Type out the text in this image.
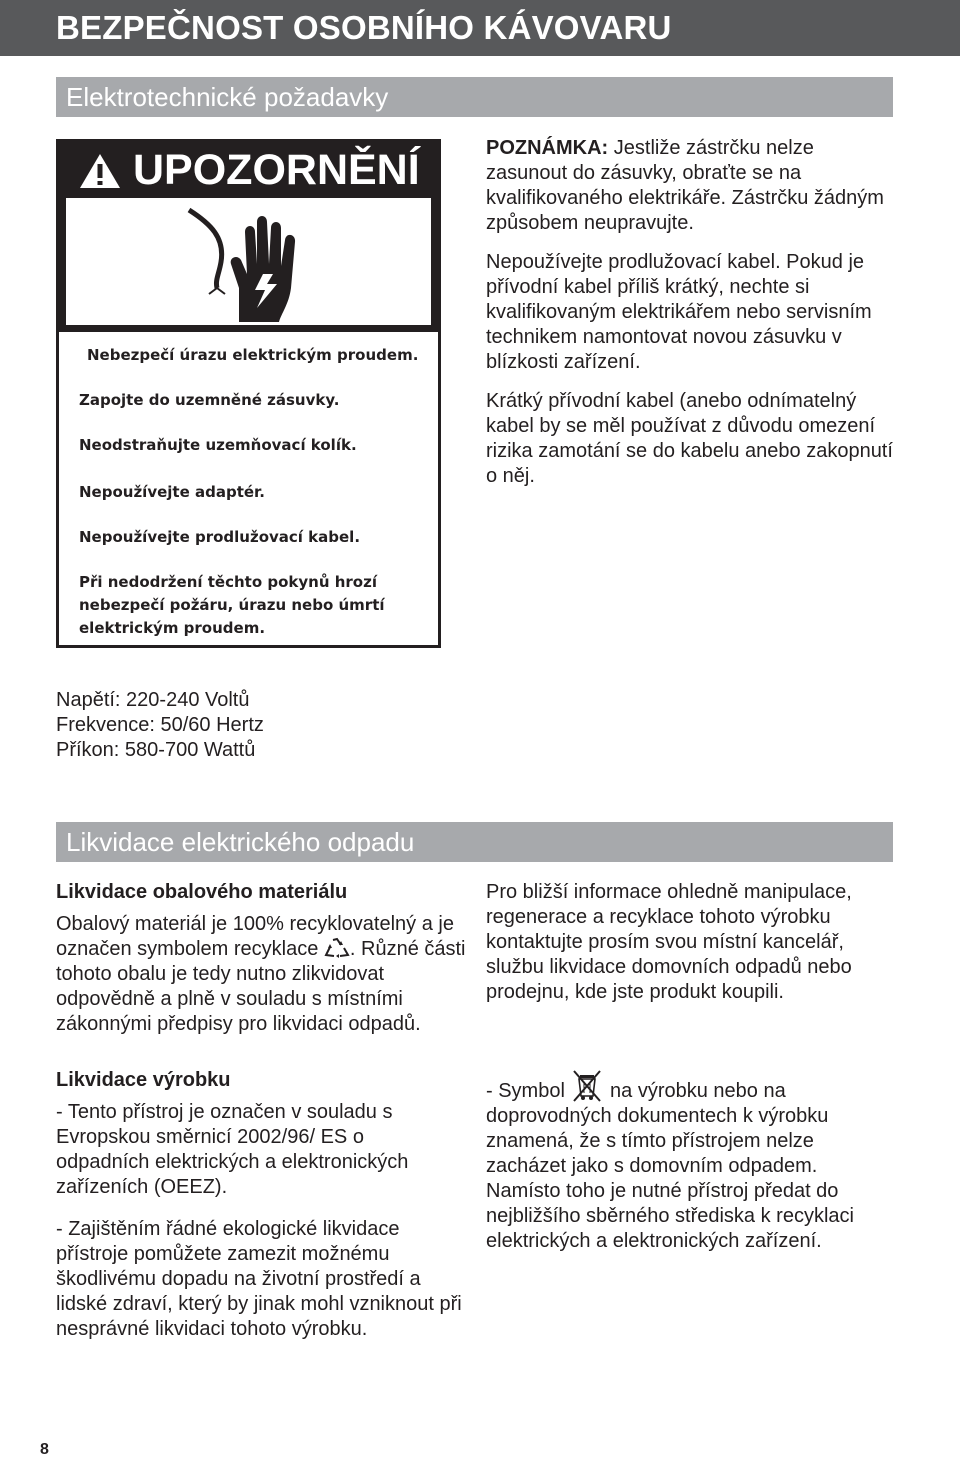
BEZPEČNOST OSOBNÍHO KÁVOVARU
Elektrotechnické požadavky
UPOZORNĚNÍ
Nebezpečí úrazu elektrickým proudem.
Zapojte do uzemněné zásuvky.
Neodstraňujte uzemňovací kolík.
Nepoužívejte adaptér.
Nepoužívejte prodlužovací kabel.
Při nedodržení těchto pokynů hrozí nebezpečí požáru, úrazu nebo úmrtí elektrickým proudem.

POZNÁMKA: Jestliže zástrčku nelze zasunout do zásuvky, obraťte se na kvalifikovaného elektrikáře. Zástrčku žádným způsobem neupravujte.

Nepoužívejte prodlužovací kabel. Pokud je přívodní kabel příliš krátký, nechte si kvalifikovaným elektrikářem nebo servisním technikem namontovat novou zásuvku v blízkosti zařízení.

Krátký přívodní kabel (anebo odnímatelný kabel by se měl používat z důvodu omezení rizika zamotání se do kabelu anebo zakopnutí o něj.

Napětí: 220-240 Voltů

Frekvence: 50/60 Hertz

Příkon: 580-700 Wattů

Likvidace elektrického odpadu
Likvidace obalového materiálu

Obalový materiál je 100% recyklovatelný a je označen symbolem recyklace . Různé části tohoto obalu je tedy nutno zlikvidovat odpovědně a plně v souladu s místními zákonnými předpisy pro likvidaci odpadů.

Likvidace výrobku

- Tento přístroj je označen v souladu s Evropskou směrnicí 2002/96/ ES o odpadních elektrických a elektronických zařízeních (OEEZ).

- Zajištěním řádné ekologické likvidace přístroje pomůžete zamezit možnému škodlivému dopadu na životní prostředí a lidské zdraví, který by jinak mohl vzniknout při nesprávné likvidaci tohoto výrobku.

Pro bližší informace ohledně manipulace, regenerace a recyklace tohoto výrobku kontaktujte prosím svou místní kancelář, službu likvidace domovních odpadů nebo prodejnu, kde jste produkt koupili.

- Symbol  na výrobku nebo na doprovodných dokumentech k výrobku znamená, že s tímto přístrojem nelze zacházet jako s domovním odpadem. Namísto toho je nutné přístroj předat do nejbližšího sběrného střediska k recyklaci elektrických a elektronických zařízení.

8
